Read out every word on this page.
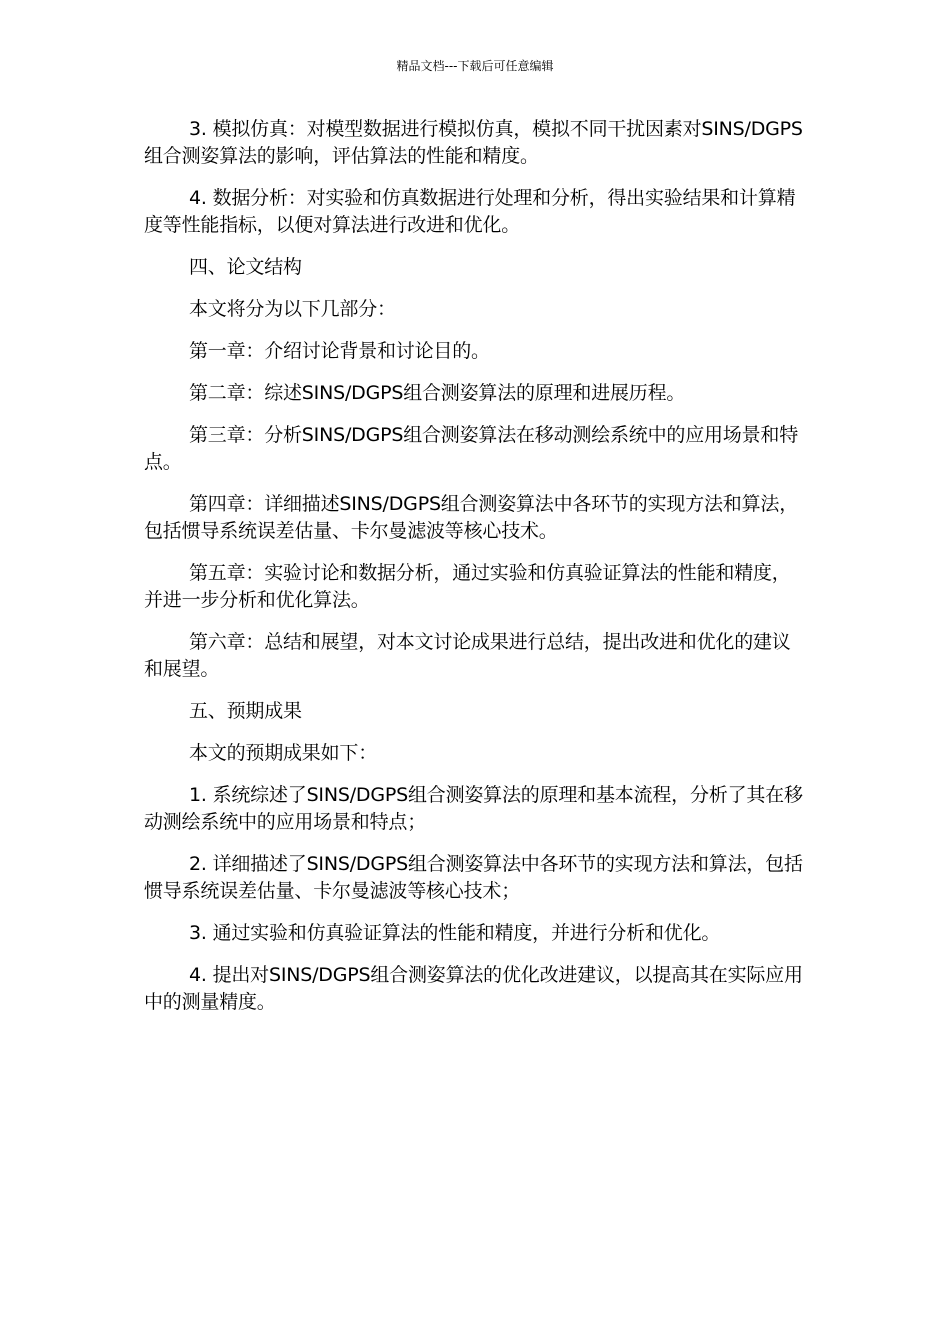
精品文档---下载后可任意编辑

3. 模拟仿真：对模型数据进行模拟仿真，模拟不同干扰因素对SINS/DGPS组合测姿算法的影响，评估算法的性能和精度。

4. 数据分析：对实验和仿真数据进行处理和分析，得出实验结果和计算精度等性能指标，以便对算法进行改进和优化。

四、论文结构

本文将分为以下几部分：

第一章：介绍讨论背景和讨论目的。

第二章：综述SINS/DGPS组合测姿算法的原理和进展历程。

第三章：分析SINS/DGPS组合测姿算法在移动测绘系统中的应用场景和特点。

第四章：详细描述SINS/DGPS组合测姿算法中各环节的实现方法和算法，包括惯导系统误差估量、卡尔曼滤波等核心技术。

第五章：实验讨论和数据分析，通过实验和仿真验证算法的性能和精度，并进一步分析和优化算法。

第六章：总结和展望，对本文讨论成果进行总结，提出改进和优化的建议和展望。

五、预期成果

本文的预期成果如下：

1. 系统综述了SINS/DGPS组合测姿算法的原理和基本流程，分析了其在移动测绘系统中的应用场景和特点；

2. 详细描述了SINS/DGPS组合测姿算法中各环节的实现方法和算法，包括惯导系统误差估量、卡尔曼滤波等核心技术；

3. 通过实验和仿真验证算法的性能和精度，并进行分析和优化。

4. 提出对SINS/DGPS组合测姿算法的优化改进建议，以提高其在实际应用中的测量精度。
